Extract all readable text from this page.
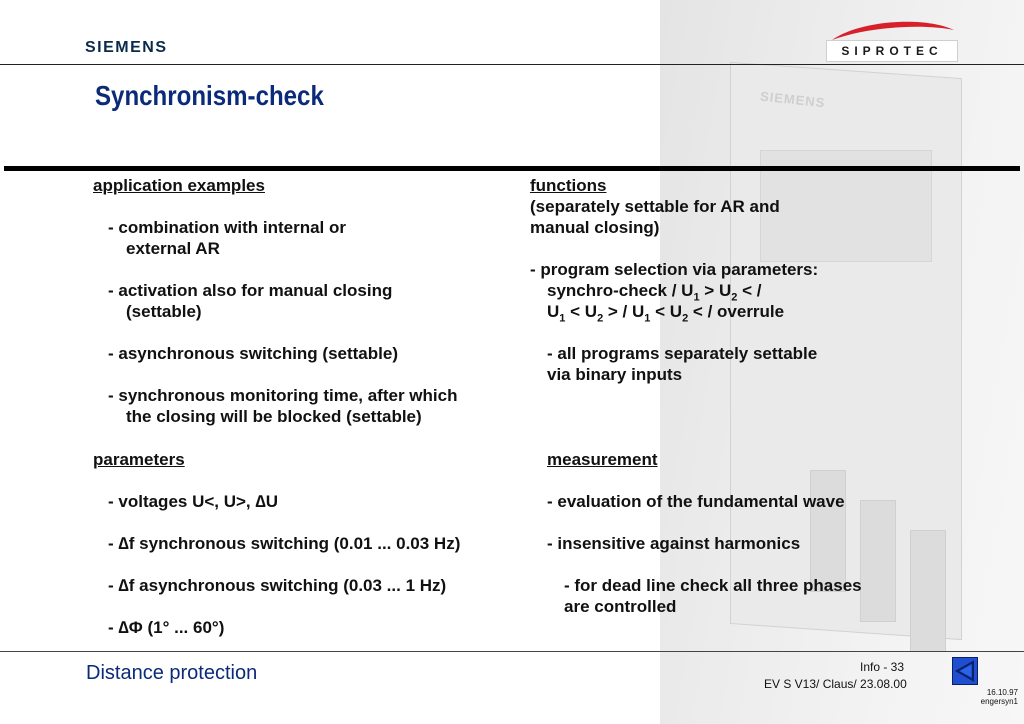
SIEMENS
SIEMENS	SIPROTEC
Synchronism-check
application examples
- combination with internal or
external AR
- activation also for manual closing
(settable)
- asynchronous switching (settable)
- synchronous monitoring time, after which
the closing will be blocked (settable)
parameters
- voltages U<, U>, ∆U
- ∆f synchronous switching (0.01 ... 0.03 Hz)
- ∆f asynchronous switching (0.03 ... 1 Hz)
- ∆Φ (1° ... 60°)
functions
(separately settable for AR and
manual closing)
- program selection via parameters:
synchro-check / $U_1 > U_2$ < /
$U_1 < U_2$ > / $U_1 < U_2$ < / overrule
- all programs separately settable
via binary inputs
measurement
- evaluation of the fundamental wave
- insensitive against harmonics
- for dead line check all three phases
are controlled
Distance protection	Info - 33
EV S V13/ Claus/ 23.08.00
16.10.97
engersyn1
